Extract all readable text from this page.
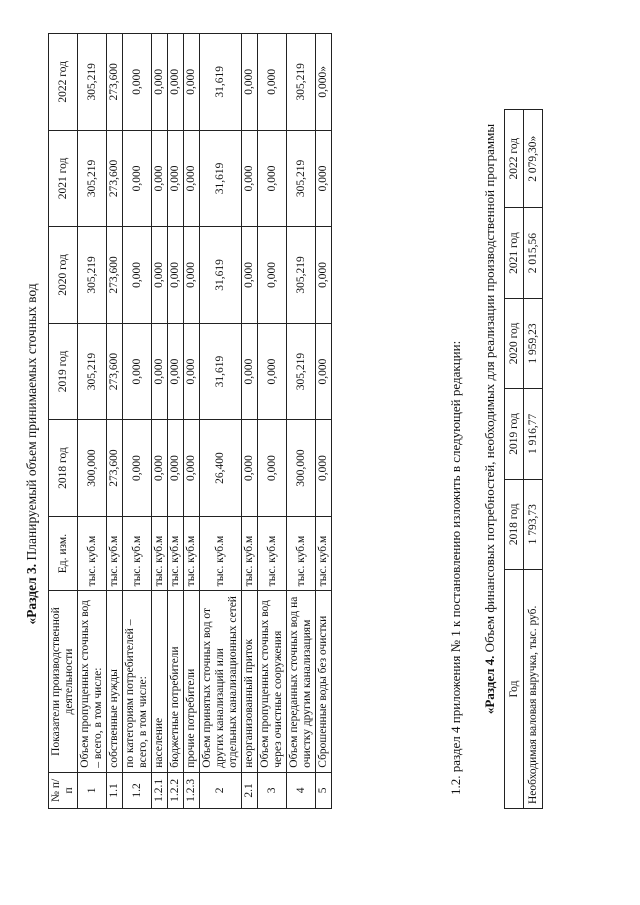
«Раздел 3. Планируемый объем принимаемых сточных вод
№ п/п	Показатели производственной деятельности	Ед. изм.	2018 год	2019 год	2020 год	2021 год	2022 год
1	Объем пропущенных сточных вод – всего, в том числе:	тыс. куб.м	300,000	305,219	305,219	305,219	305,219
1.1	собственные нужды	тыс. куб.м	273,600	273,600	273,600	273,600	273,600
1.2	по категориям потребителей – всего, в том числе:	тыс. куб.м	0,000	0,000	0,000	0,000	0,000
1.2.1	население	тыс. куб.м	0,000	0,000	0,000	0,000	0,000
1.2.2	бюджетные потребители	тыс. куб.м	0,000	0,000	0,000	0,000	0,000
1.2.3	прочие потребители	тыс. куб.м	0,000	0,000	0,000	0,000	0,000
2	Объем принятых сточных вод от других канализаций или отдельных канализационных сетей	тыс. куб.м	26,400	31,619	31,619	31,619	31,619
2.1	неорганизованный приток	тыс. куб.м	0,000	0,000	0,000	0,000	0,000
3	Объем пропущенных сточных вод через очистные сооружения	тыс. куб.м	0,000	0,000	0,000	0,000	0,000
4	Объем переданных сточных вод на очистку другим канализациям	тыс. куб.м	300,000	305,219	305,219	305,219	305,219
5	Сброшенные воды без очистки	тыс. куб.м	0,000	0,000	0,000	0,000	0,000»
1.2. раздел 4 приложения № 1 к постановлению изложить в следующей редакции: «Раздел 4. Объем финансовых потребностей, необходимых для реализации производственной программы
Год	2018 год	2019 год	2020 год	2021 год	2022 год
Необходимая валовая выручка, тыс. руб.	1 793,73	1 916,77	1 959,23	2 015,56	2 079,30»
